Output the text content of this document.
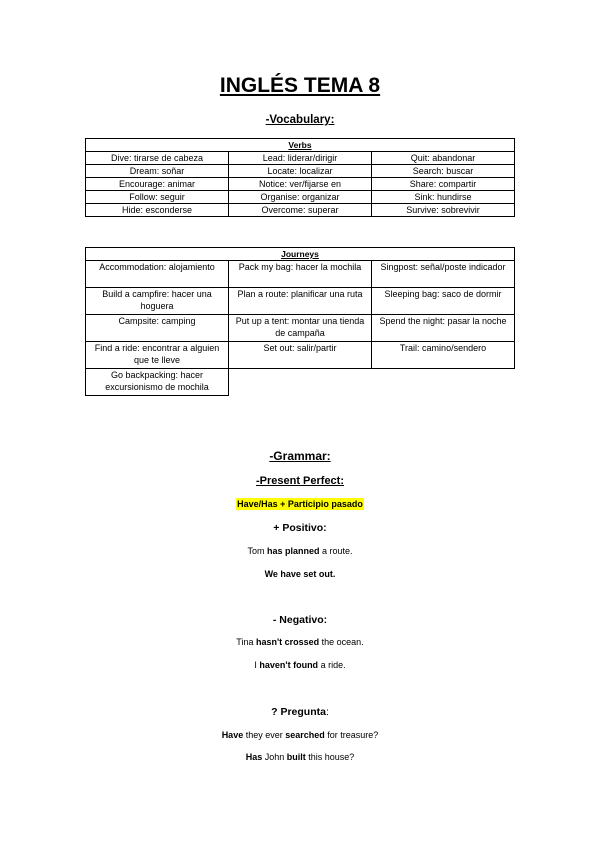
INGLÉS TEMA 8
-Vocabulary:
Verbs		
Dive: tirarse de cabeza	Lead: liderar/dirigir	Quit: abandonar
Dream: soñar	Locate: localizar	Search: buscar
Encourage: animar	Notice: ver/fijarse en	Share: compartir
Follow: seguir	Organise: organizar	Sink: hundirse
Hide: esconderse	Overcome: superar	Survive: sobrevivir
Journeys		
Accommodation: alojamiento	Pack my bag: hacer la mochila	Singpost: señal/poste indicador
Build a campfire: hacer una hoguera	Plan a route: planificar una ruta	Sleeping bag: saco de dormir
Campsite: camping	Put up a tent: montar una tienda de campaña	Spend the night: pasar la noche
Find a ride: encontrar a alguien que te lleve	Set out: salir/partir	Trail: camino/sendero
Go backpacking: hacer excursionismo de mochila		
-Grammar:
-Present Perfect:
Have/Has + Participio pasado
+ Positivo:
Tom has planned a route.
We have set out.
- Negativo:
Tina hasn't crossed the ocean.
I haven't found a ride.
? Pregunta:
Have they ever searched for treasure?
Has John built this house?
